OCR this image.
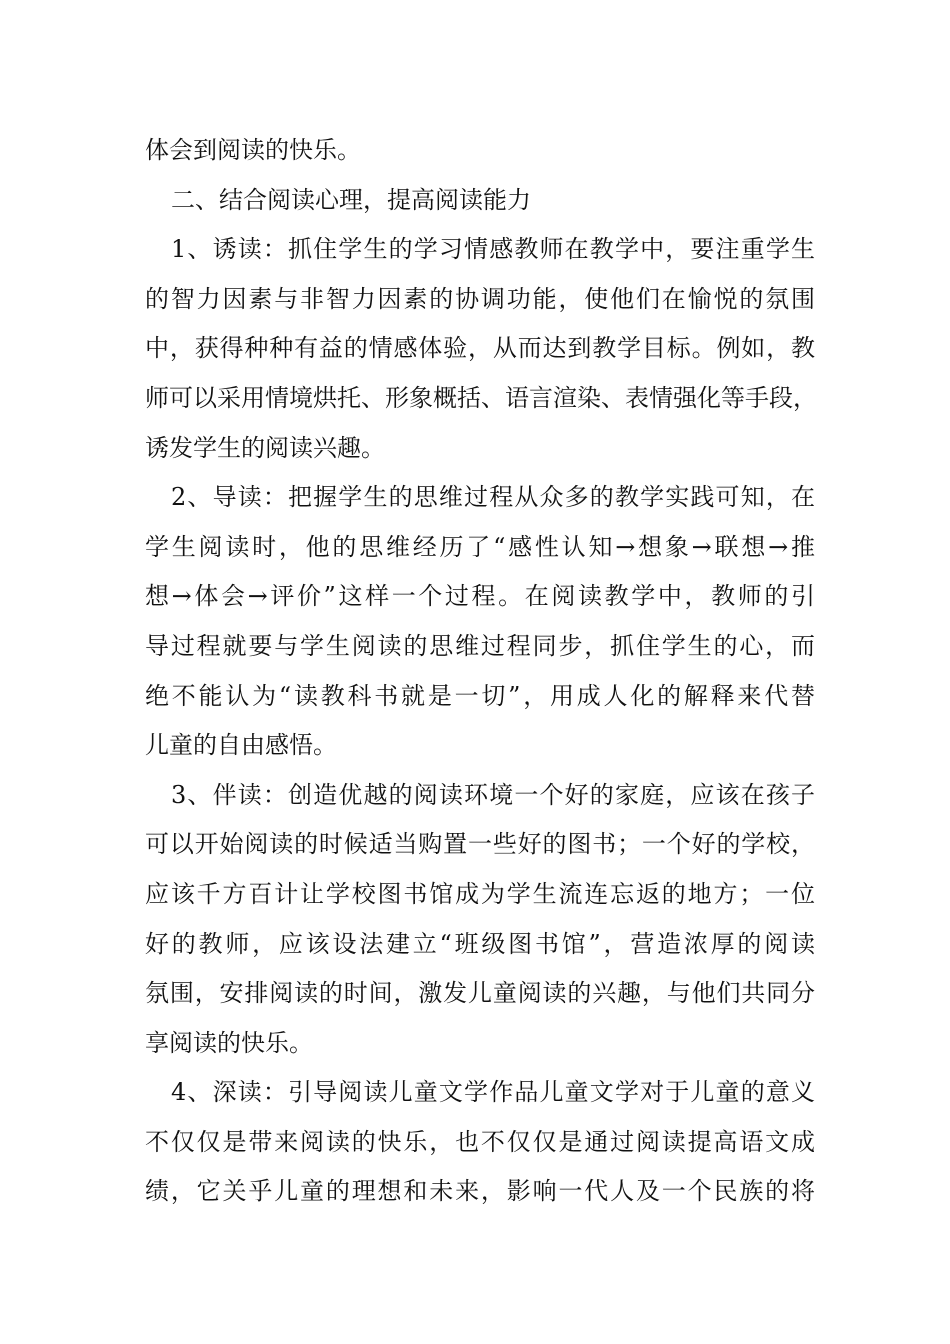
体会到阅读的快乐。
二、结合阅读心理，提高阅读能力
1、诱读：抓住学生的学习情感教师在教学中，要注重学生
的智力因素与非智力因素的协调功能，使他们在愉悦的氛围
中，获得种种有益的情感体验，从而达到教学目标。例如，教
师可以采用情境烘托、形象概括、语言渲染、表情强化等手段，
诱发学生的阅读兴趣。
2、导读：把握学生的思维过程从众多的教学实践可知，在
学生阅读时，他的思维经历了“感性认知→想象→联想→推
想→体会→评价”这样一个过程。在阅读教学中，教师的引
导过程就要与学生阅读的思维过程同步，抓住学生的心，而
绝不能认为“读教科书就是一切”，用成人化的解释来代替
儿童的自由感悟。
3、伴读：创造优越的阅读环境一个好的家庭，应该在孩子
可以开始阅读的时候适当购置一些好的图书；一个好的学校，
应该千方百计让学校图书馆成为学生流连忘返的地方；一位
好的教师，应该设法建立“班级图书馆”，营造浓厚的阅读
氛围，安排阅读的时间，激发儿童阅读的兴趣，与他们共同分
享阅读的快乐。
4、深读：引导阅读儿童文学作品儿童文学对于儿童的意义
不仅仅是带来阅读的快乐，也不仅仅是通过阅读提高语文成
绩，它关乎儿童的理想和未来，影响一代人及一个民族的将
